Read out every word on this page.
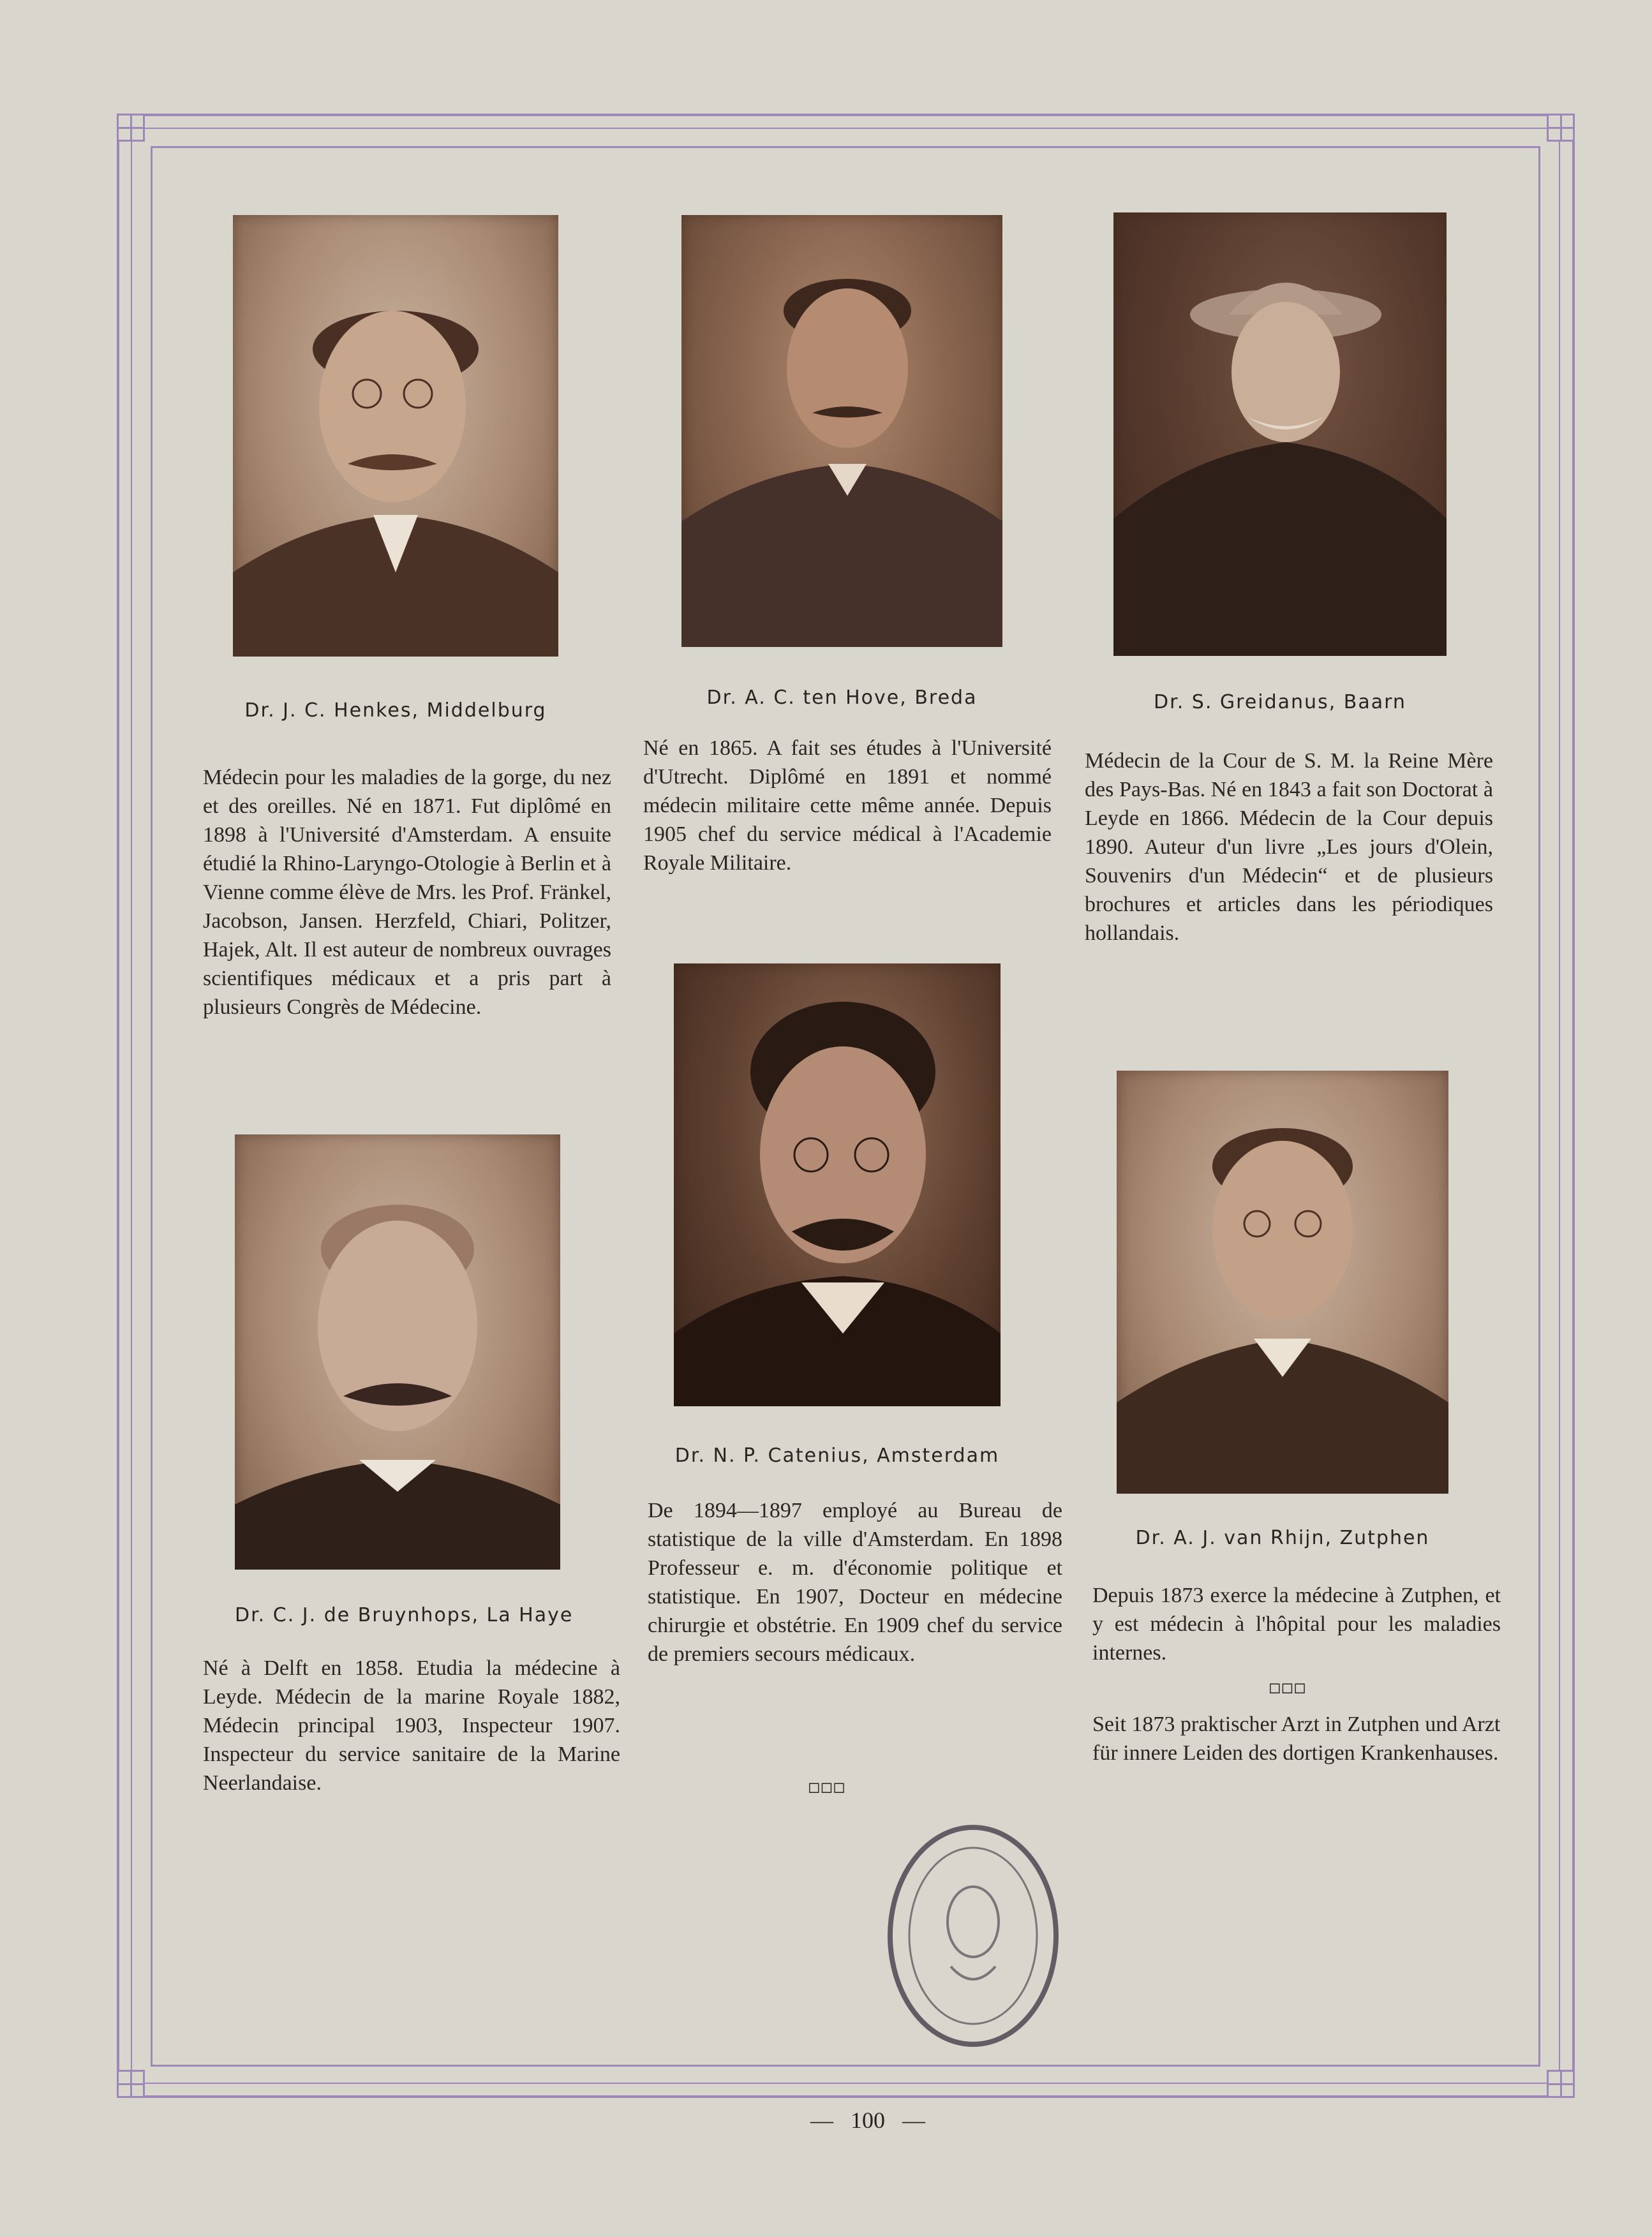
Dr. J. C. Henkes, Middelburg
Médecin pour les maladies de la gorge, du nez et des oreilles. Né en 1871. Fut diplômé en 1898 à l'Université d'Amsterdam. A ensuite étudié la Rhino-Laryngo-Otologie à Berlin et à Vienne comme élève de Mrs. les Prof. Fränkel, Jacobson, Jansen. Herzfeld, Chiari, Politzer, Hajek, Alt. Il est auteur de nombreux ouvrages scientifiques médicaux et a pris part à plusieurs Congrès de Médecine.
Dr. A. C. ten Hove, Breda
Né en 1865. A fait ses études à l'Université d'Utrecht. Diplômé en 1891 et nommé médecin militaire cette même année. Depuis 1905 chef du service médical à l'Academie Royale Militaire.
Dr. S. Greidanus, Baarn
Médecin de la Cour de S. M. la Reine Mère des Pays-Bas. Né en 1843 a fait son Doctorat à Leyde en 1866. Médecin de la Cour depuis 1890. Auteur d'un livre „Les jours d'Olein, Souvenirs d'un Médecin“ et de plusieurs brochures et articles dans les périodiques hollandais.
Dr. C. J. de Bruynhops, La Haye
Né à Delft en 1858. Etudia la médecine à Leyde. Médecin de la marine Royale 1882, Médecin principal 1903, Inspecteur 1907. Inspecteur du service sanitaire de la Marine Neerlandaise.
Dr. N. P. Catenius, Amsterdam
De 1894—1897 employé au Bureau de statistique de la ville d'Amsterdam. En 1898 Professeur e. m. d'économie politique et statistique. En 1907, Docteur en médecine chirurgie et obstétrie. En 1909 chef du service de premiers secours médicaux.
□□□
Dr. A. J. van Rhijn, Zutphen
Depuis 1873 exerce la médecine à Zutphen, et y est médecin à l'hôpital pour les maladies internes.
□□□
Seit 1873 praktischer Arzt in Zutphen und Arzt für innere Leiden des dortigen Krankenhauses.
—   100   —
